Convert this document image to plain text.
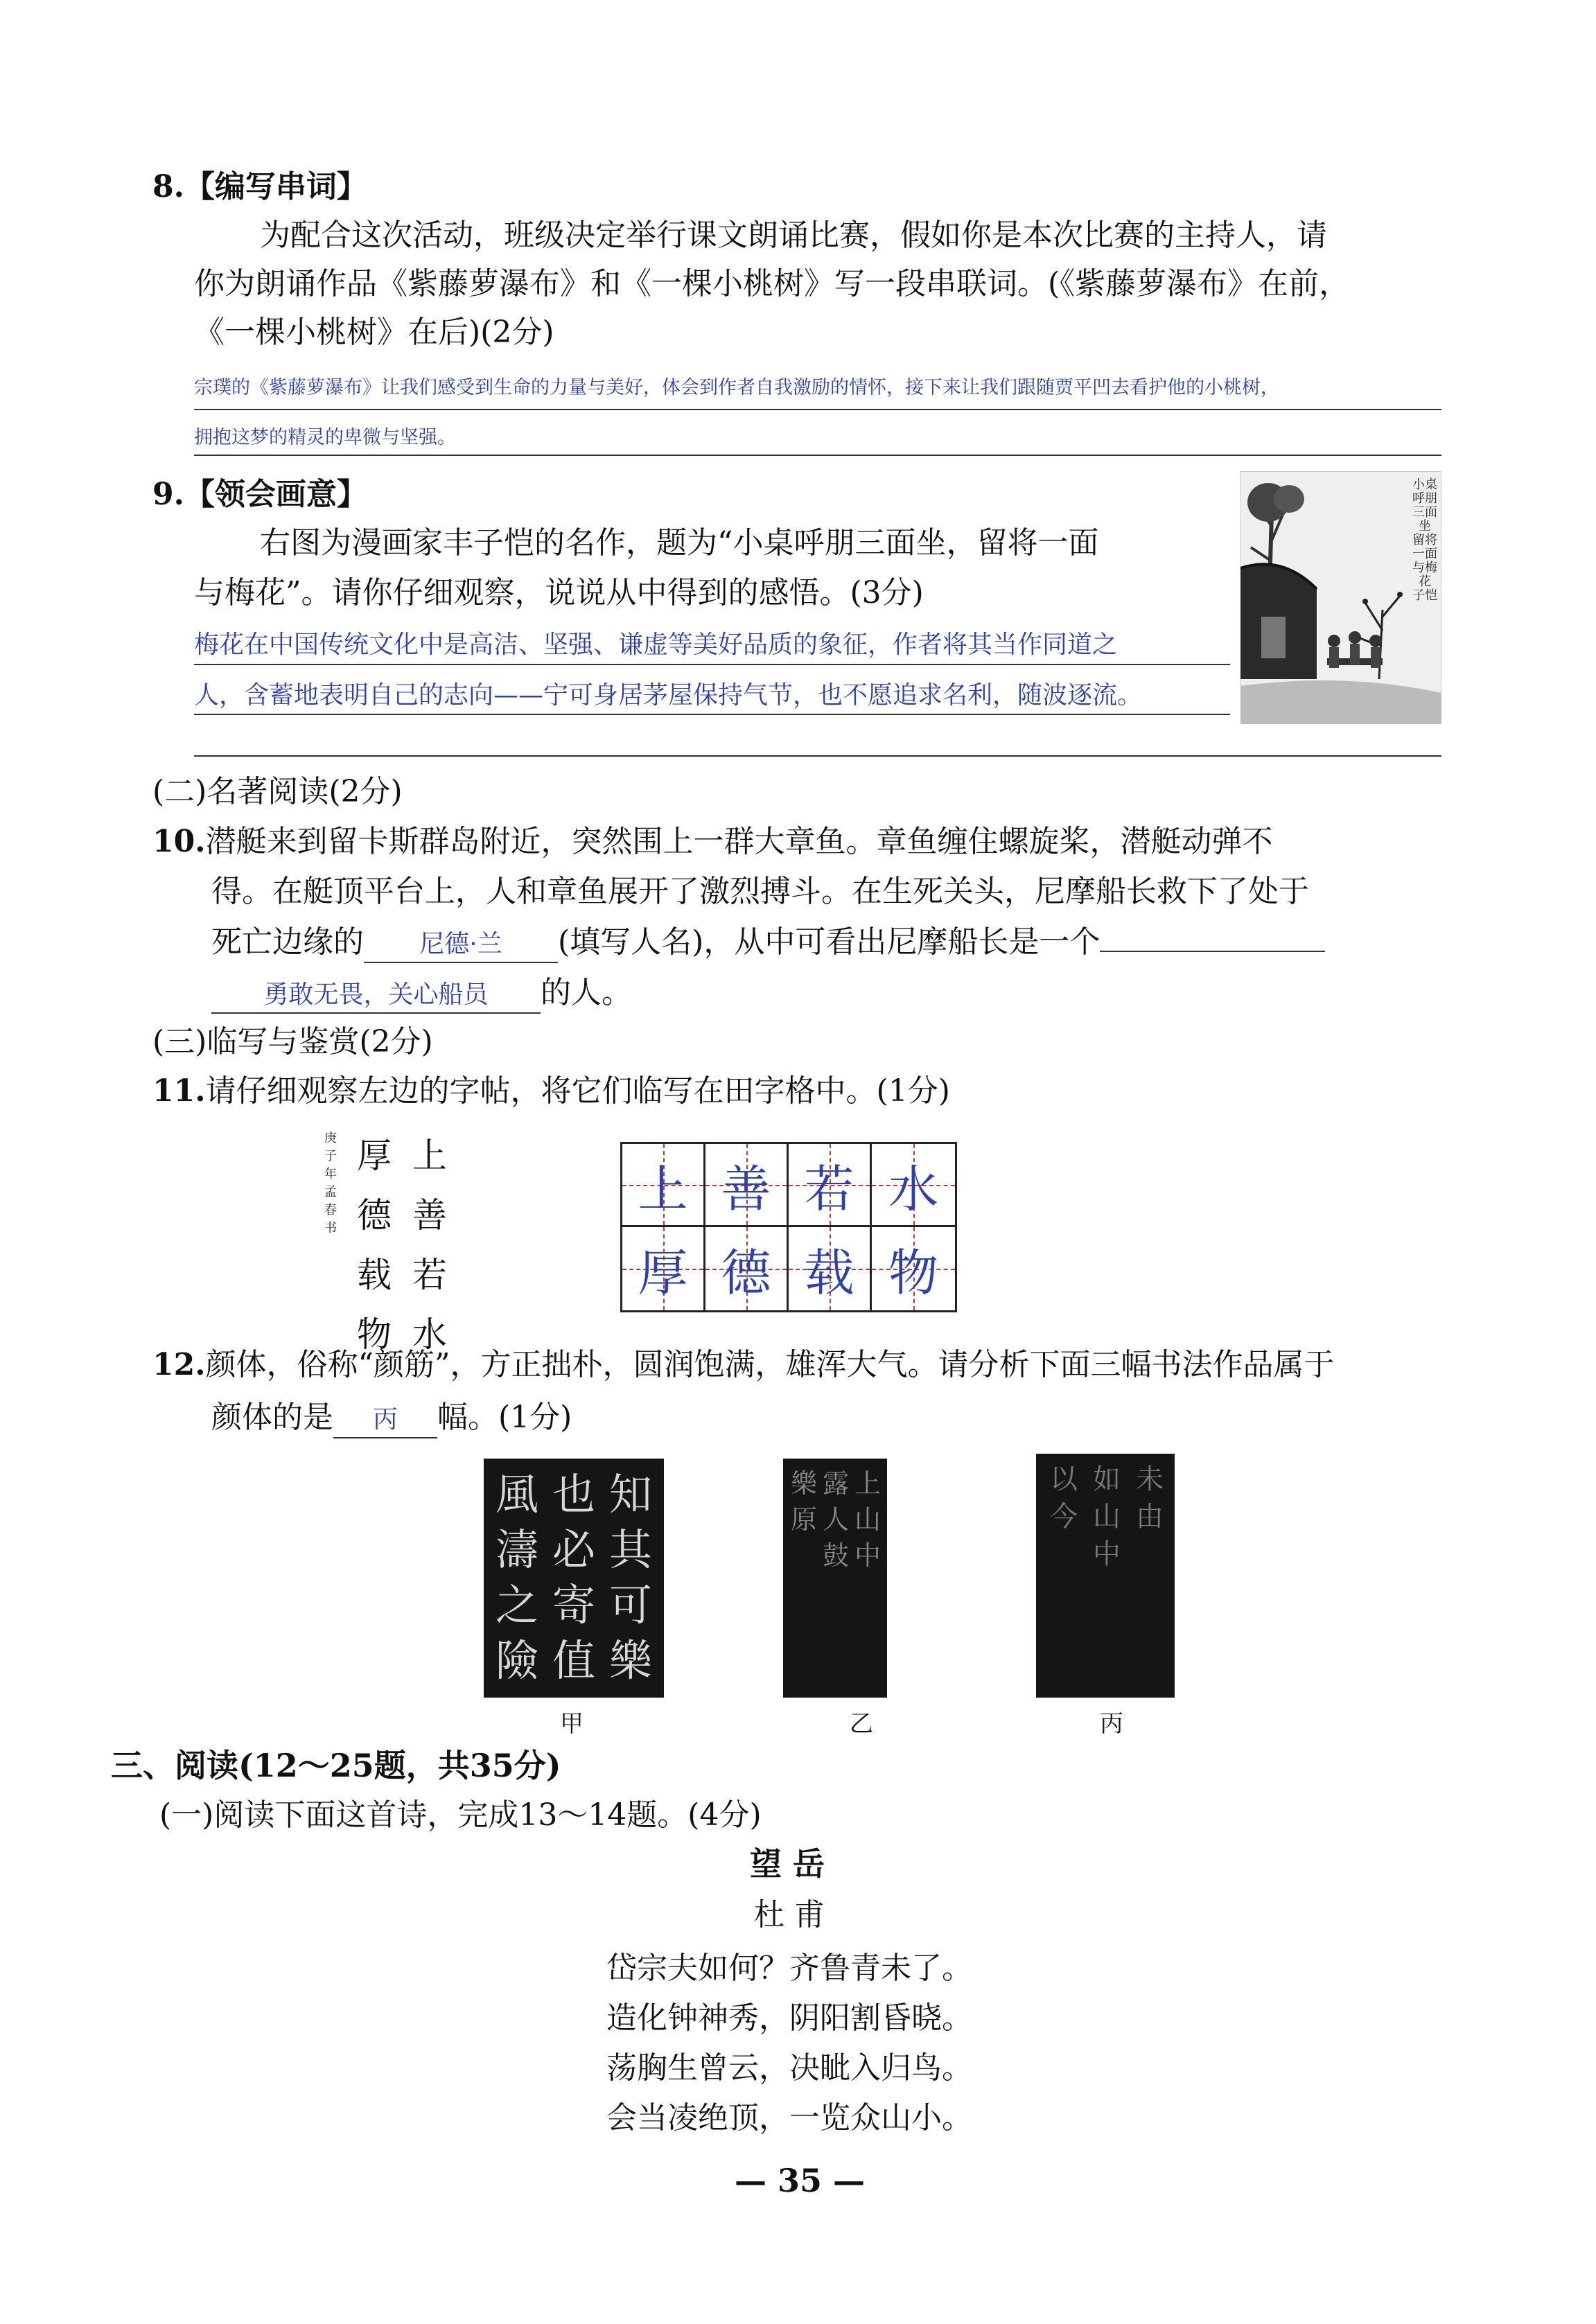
8.【编写串词】
为配合这次活动，班级决定举行课文朗诵比赛，假如你是本次比赛的主持人，请
你为朗诵作品《紫藤萝瀑布》和《一棵小桃树》写一段串联词。(《紫藤萝瀑布》在前，
《一棵小桃树》在后)(2分)
宗璞的《紫藤萝瀑布》让我们感受到生命的力量与美好，体会到作者自我激励的情怀，接下来让我们跟随贾平凹去看护他的小桃树，
拥抱这梦的精灵的卑微与坚强。
9.【领会画意】
右图为漫画家丰子恺的名作，题为“小桌呼朋三面坐，留将一面
与梅花”。请你仔细观察，说说从中得到的感悟。(3分)
梅花在中国传统文化中是高洁、坚强、谦虚等美好品质的象征，作者将其当作同道之
人，含蓄地表明自己的志向——宁可身居茅屋保持气节，也不愿追求名利，随波逐流。
小桌呼朋三面坐 留将一面与梅花 子恺
(二)名著阅读(2分)
10.潜艇来到留卡斯群岛附近，突然围上一群大章鱼。章鱼缠住螺旋桨，潜艇动弹不
得。在艇顶平台上，人和章鱼展开了激烈搏斗。在生死关头，尼摩船长救下了处于
死亡边缘的 尼德·兰 (填写人名)，从中可看出尼摩船长是一个
勇敢无畏，关心船员 的人。
(三)临写与鉴赏(2分)
11.请仔细观察左边的字帖，将它们临写在田字格中。(1分)
庚子年孟春 书
上善若水
厚德载物
上 善 若 水
厚 德 载 物
12.颜体，俗称“颜筋”，方正拙朴，圆润饱满，雄浑大气。请分析下面三幅书法作品属于
颜体的是 丙 幅。(1分)
知其可樂
也必寄值
風濤之險
甲
上山中
露人鼓
樂原
乙
未由
如山中
以今
丙
三、阅读(12～25题，共35分)
(一)阅读下面这首诗，完成13～14题。(4分)
望 岳
杜 甫
岱宗夫如何？齐鲁青未了。
造化钟神秀，阴阳割昏晓。
荡胸生曾云，决眦入归鸟。
会当凌绝顶，一览众山小。
— 35 —
